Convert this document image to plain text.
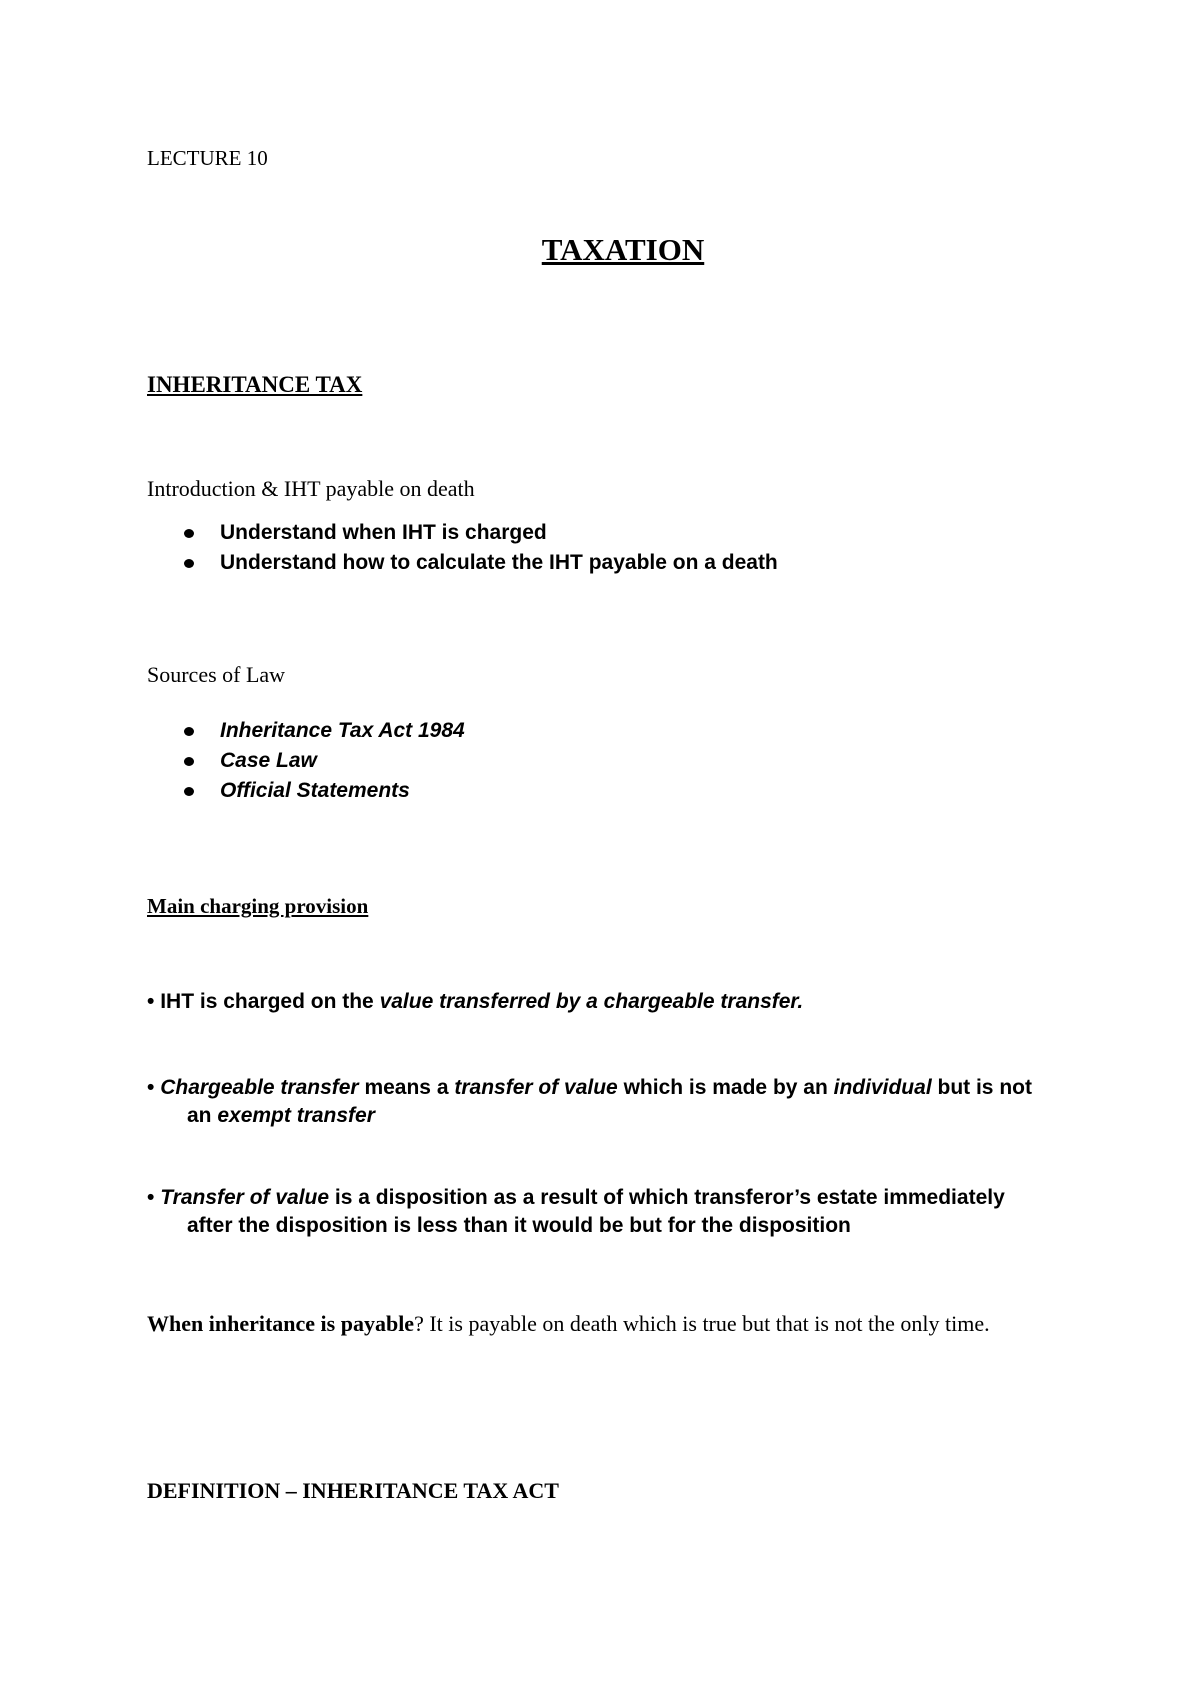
LECTURE 10
TAXATION
INHERITANCE TAX
Introduction & IHT payable on death
Understand when IHT is charged
Understand how to calculate the IHT payable on a death
Sources of Law
Inheritance Tax Act 1984
Case Law
Official Statements
Main charging provision
• IHT is charged on the value transferred by a chargeable transfer.
• Chargeable transfer means a transfer of value which is made by an individual but is not
an exempt transfer
• Transfer of value is a disposition as a result of which transferor’s estate immediately
after the disposition is less than it would be but for the disposition
When inheritance is payable? It is payable on death which is true but that is not the only time.
DEFINITION – INHERITANCE TAX ACT
